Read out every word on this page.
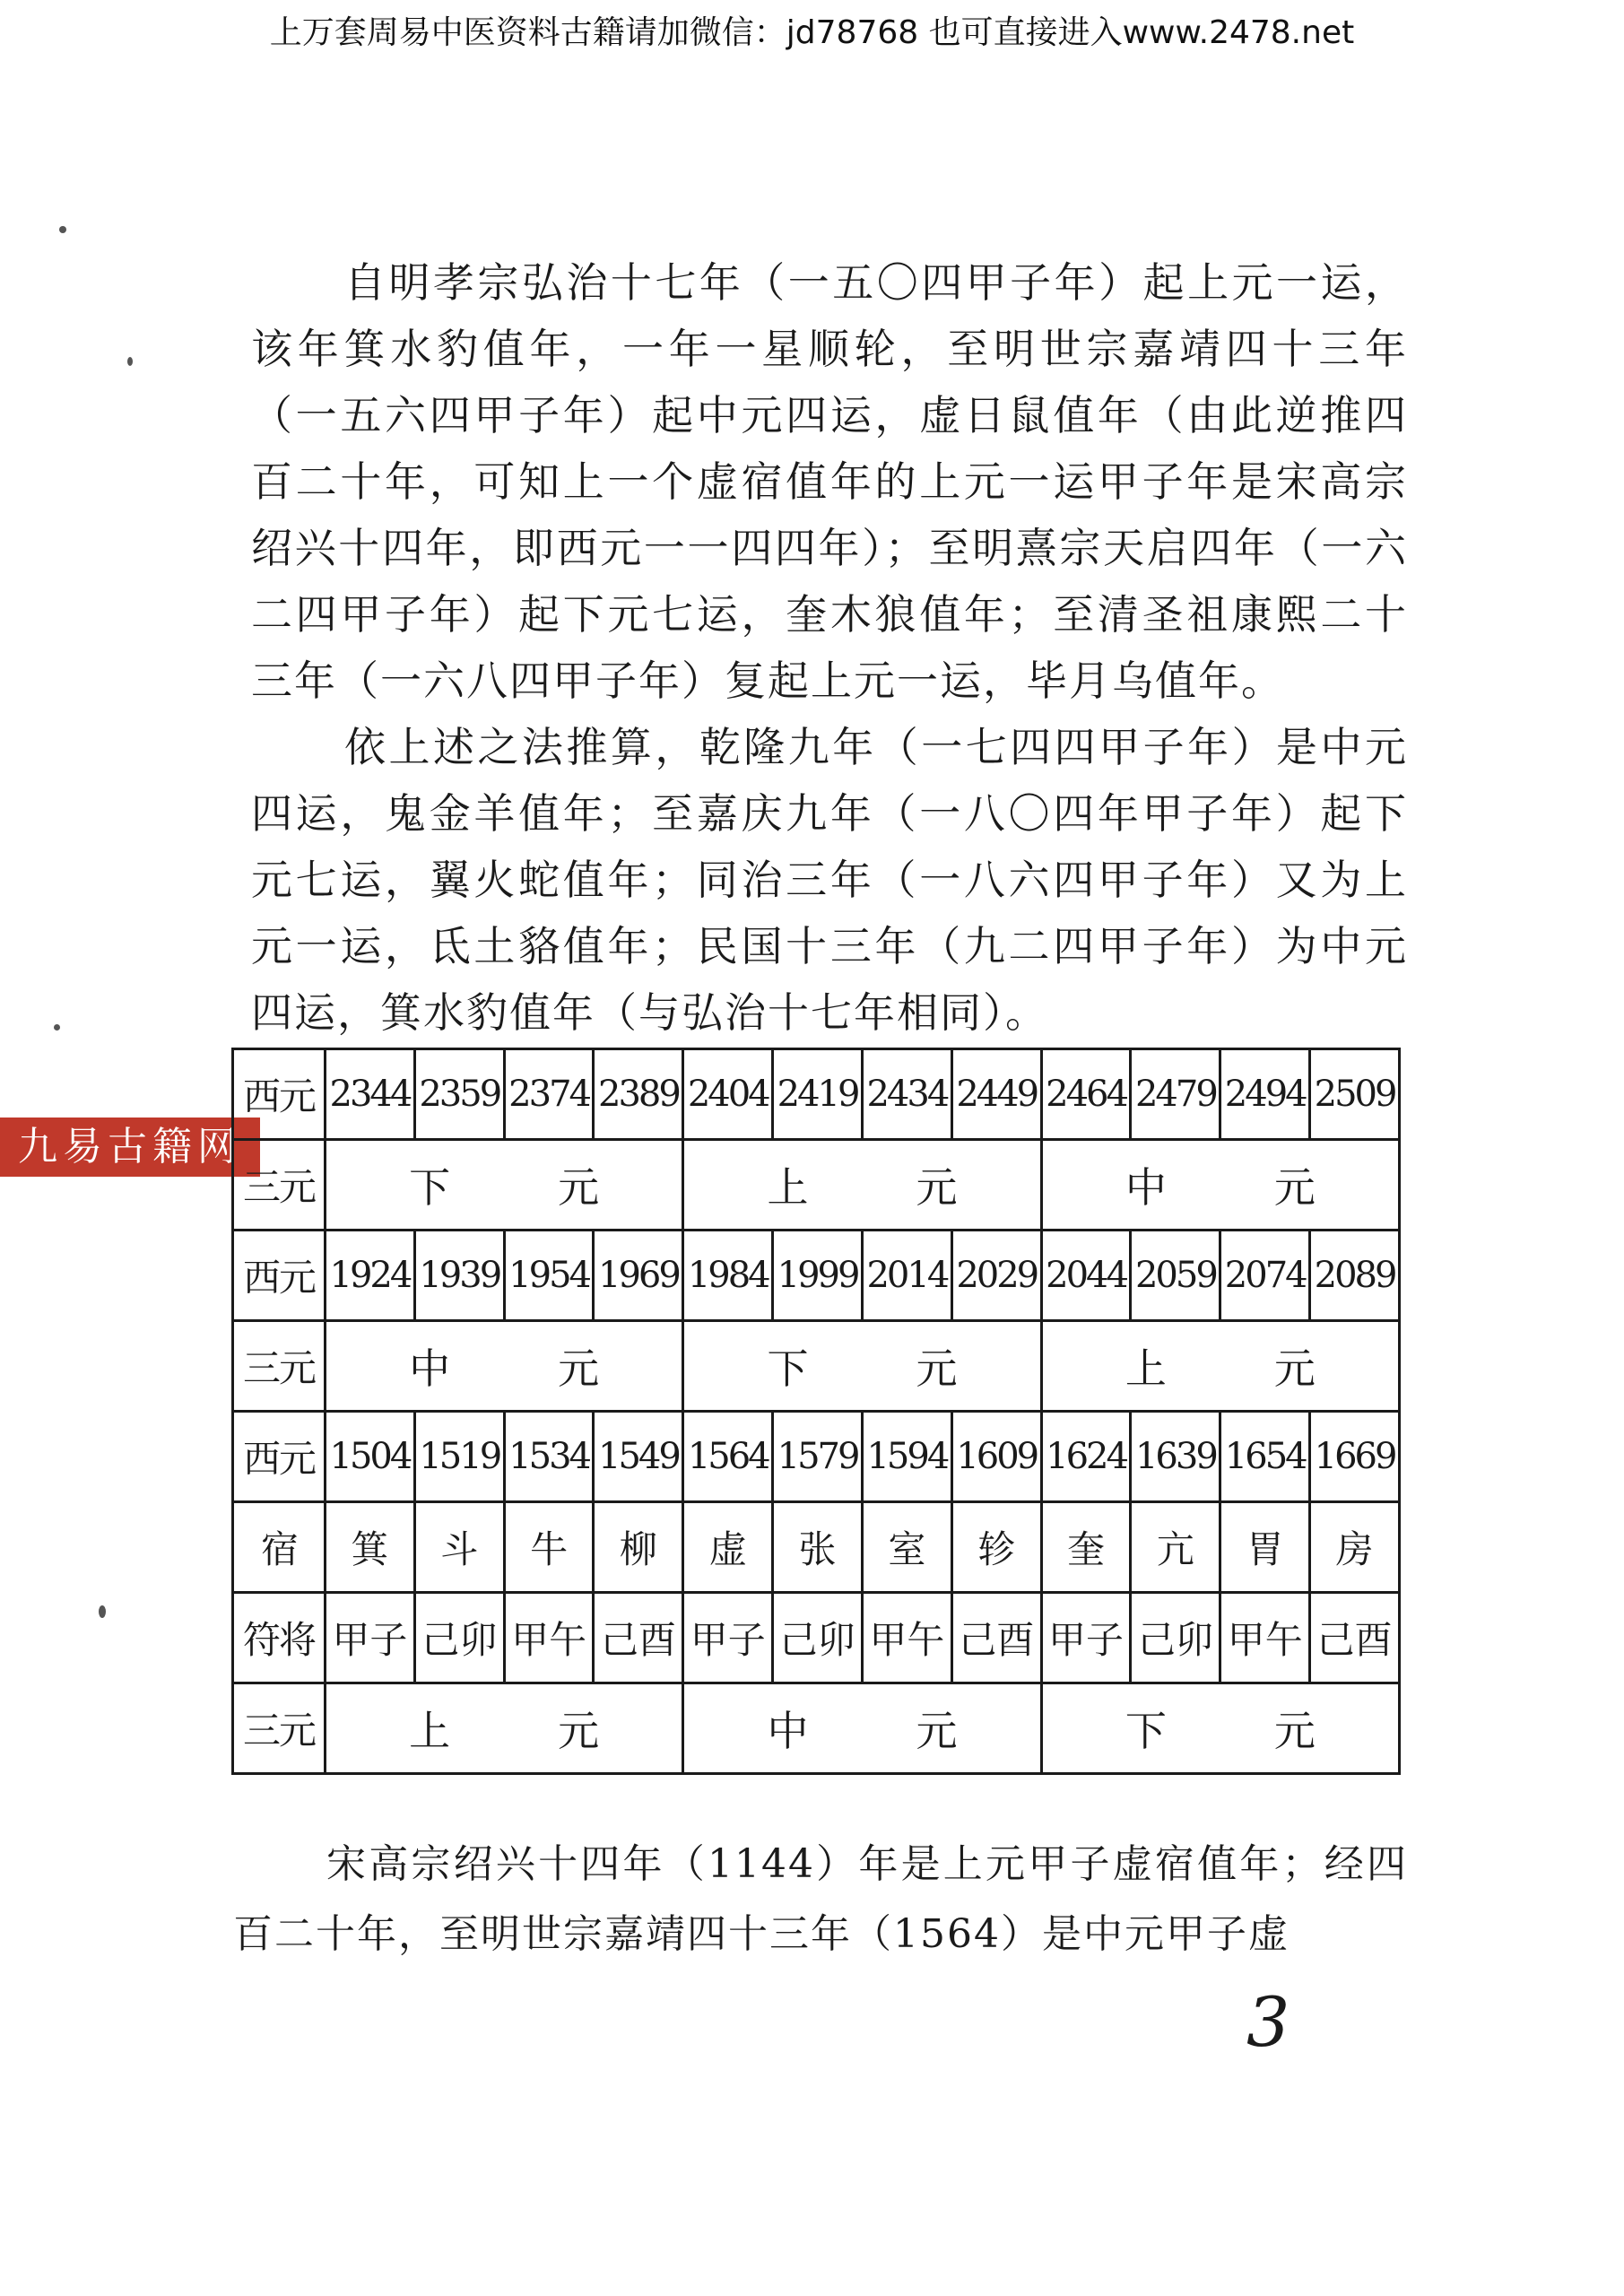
上万套周易中医资料古籍请加微信：jd78768 也可直接进入www.2478.net

自明孝宗弘治十七年（一五〇四甲子年）起上元一运，该年箕水豹值年，一年一星顺轮，至明世宗嘉靖四十三年（一五六四甲子年）起中元四运，虚日鼠值年（由此逆推四百二十年，可知上一个虚宿值年的上元一运甲子年是宋高宗绍兴十四年，即西元一一四四年）；至明熹宗天启四年（一六二四甲子年）起下元七运，奎木狼值年；至清圣祖康熙二十三年（一六八四甲子年）复起上元一运，毕月乌值年。

依上述之法推算，乾隆九年（一七四四甲子年）是中元四运，鬼金羊值年；至嘉庆九年（一八〇四年甲子年）起下元七运，翼火蛇值年；同治三年（一八六四甲子年）又为上元一运，氐土貉值年；民国十三年（九二四甲子年）为中元四运，箕水豹值年（与弘治十七年相同）。

九易古籍网
西元	2344	2359	2374	2389	2404	2419	2434	2449	2464	2479	2494	2509
三元	下 元				上 元				中 元			
西元	1924	1939	1954	1969	1984	1999	2014	2029	2044	2059	2074	2089
三元	中 元				下 元				上 元			
西元	1504	1519	1534	1549	1564	1579	1594	1609	1624	1639	1654	1669
宿	箕	斗	牛	柳	虚	张	室	轸	奎	亢	胃	房
符将	甲子	己卯	甲午	己酉	甲子	己卯	甲午	己酉	甲子	己卯	甲午	己酉
三元	上 元				中 元				下 元			

宋高宗绍兴十四年（1144）年是上元甲子虚宿值年；经四百二十年，至明世宗嘉靖四十三年（1564）是中元甲子虚

3
